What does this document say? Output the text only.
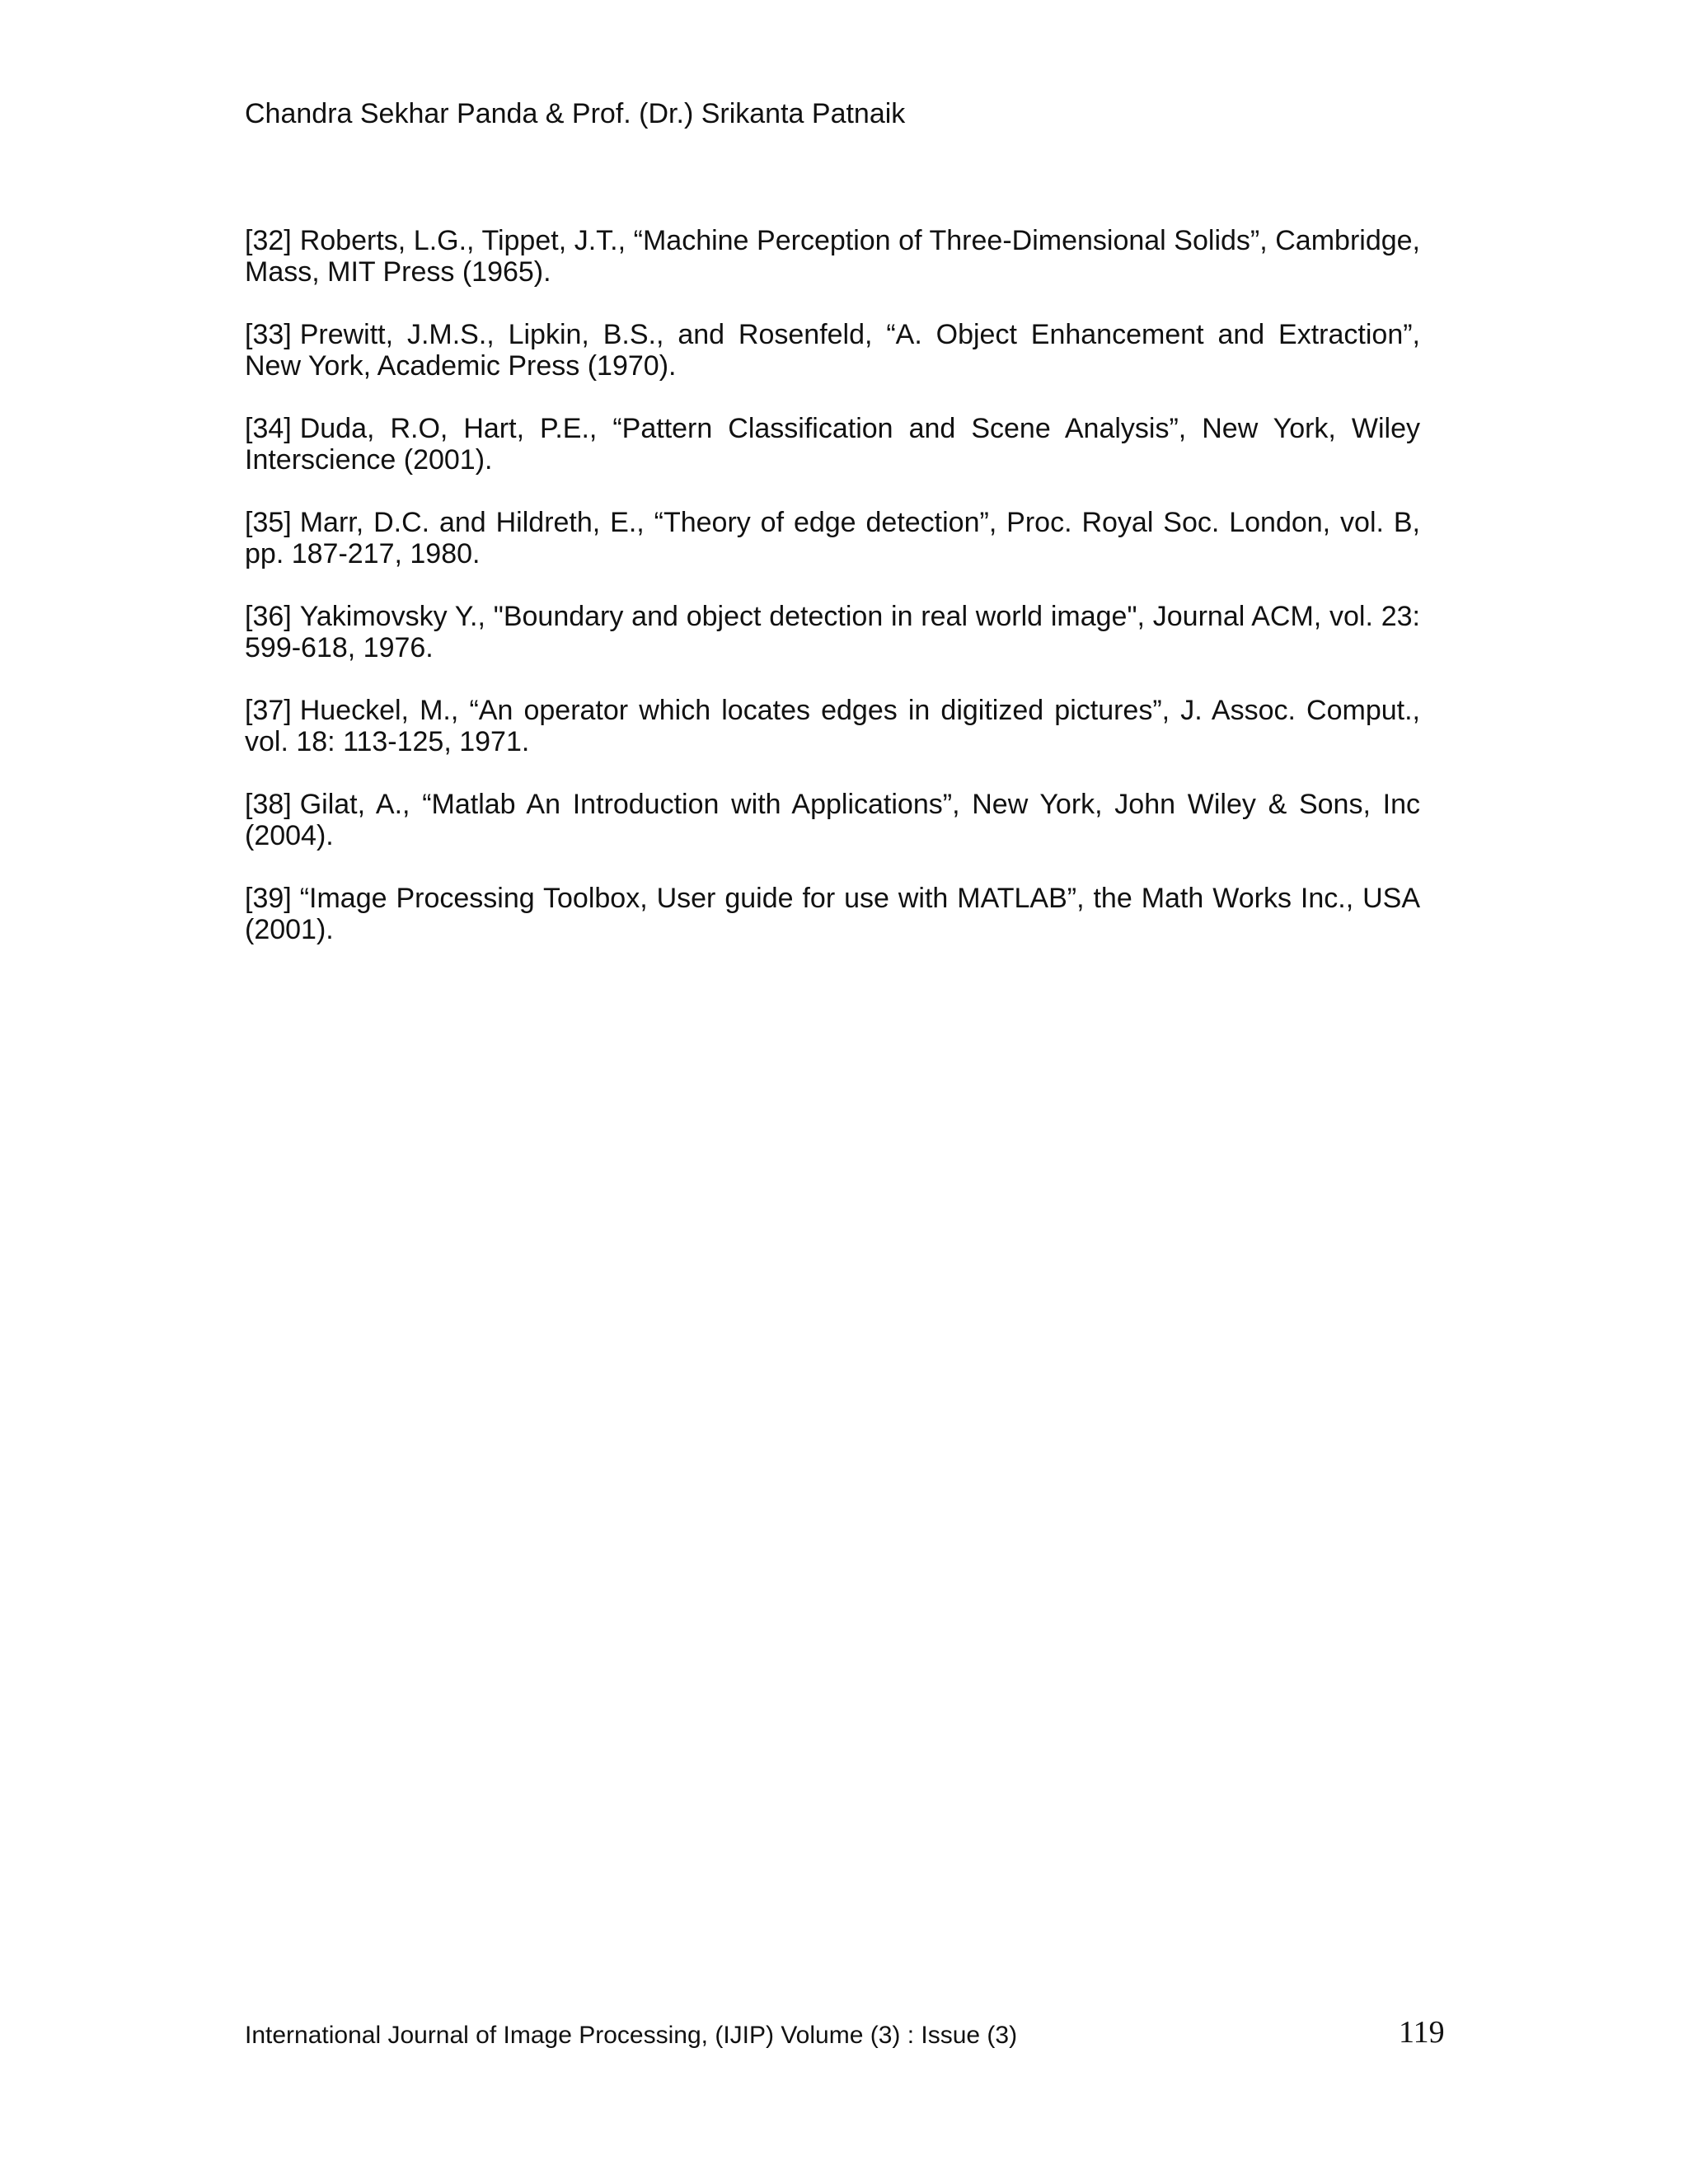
Chandra Sekhar Panda & Prof. (Dr.) Srikanta Patnaik
[32] Roberts, L.G., Tippet, J.T., “Machine Perception of Three-Dimensional Solids”, Cambridge, Mass, MIT Press (1965).
[33] Prewitt, J.M.S., Lipkin, B.S., and Rosenfeld, “A. Object Enhancement and Extraction”, New York, Academic Press (1970).
[34] Duda, R.O, Hart, P.E., “Pattern Classification and Scene Analysis”, New York, Wiley Interscience (2001).
[35] Marr, D.C. and Hildreth, E., “Theory of edge detection”, Proc. Royal Soc. London, vol. B, pp. 187-217, 1980.
[36] Yakimovsky Y., "Boundary and object detection in real world image", Journal ACM, vol. 23: 599-618, 1976.
[37] Hueckel, M., “An operator which locates edges in digitized pictures”, J. Assoc. Comput., vol. 18: 113-125, 1971.
[38] Gilat, A., “Matlab An Introduction with Applications”, New York, John Wiley & Sons, Inc (2004).
[39] “Image Processing Toolbox, User guide for use with MATLAB”, the Math Works Inc., USA (2001).
International Journal of Image Processing, (IJIP) Volume (3) : Issue (3)	119
